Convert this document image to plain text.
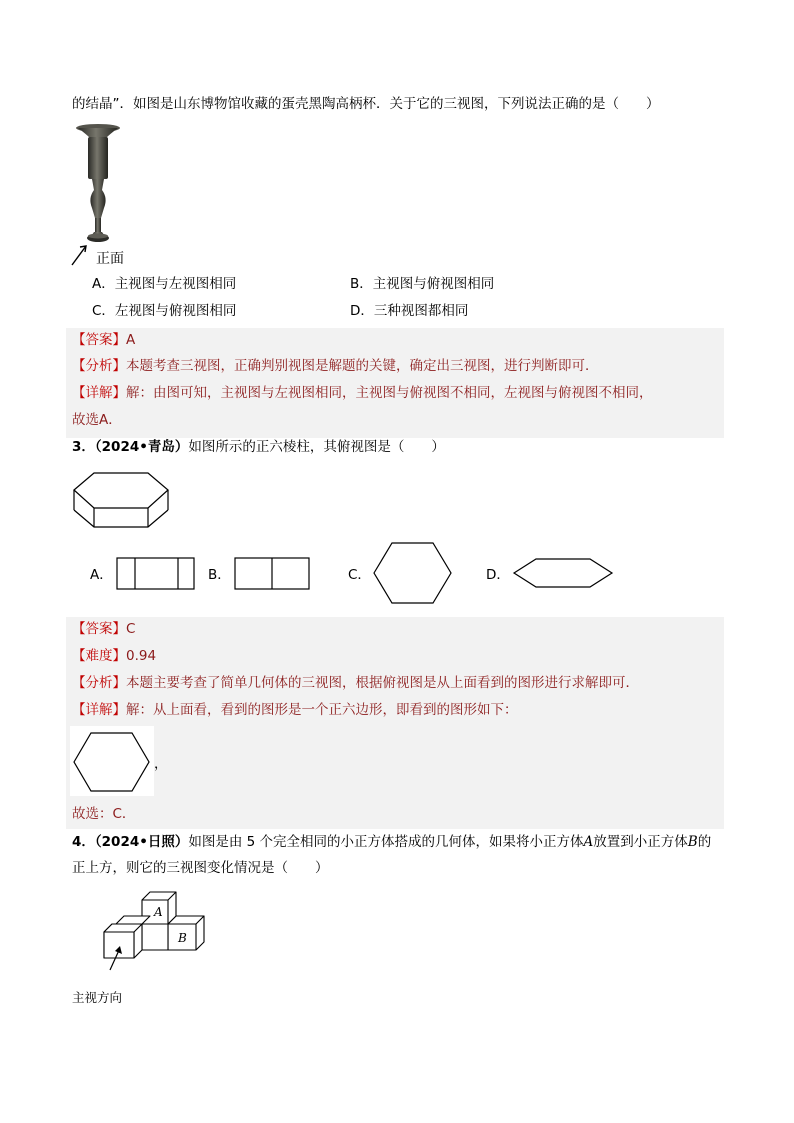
的结晶”．如图是山东博物馆收藏的蛋壳黑陶高柄杯．关于它的三视图，下列说法正确的是（　　）
正面
A．主视图与左视图相同	B．主视图与俯视图相同
C．左视图与俯视图相同	D．三种视图都相同
【答案】A
【分析】本题考查三视图，正确判别视图是解题的关键，确定出三视图，进行判断即可．
【详解】解：由图可知，主视图与左视图相同，主视图与俯视图不相同，左视图与俯视图不相同，
故选A．
3．（2024•青岛）如图所示的正六棱柱，其俯视图是（　　）
A．	B．	C．	D．
【答案】C
【难度】0.94
【分析】本题主要考查了简单几何体的三视图，根据俯视图是从上面看到的图形进行求解即可．
【详解】解：从上面看，看到的图形是一个正六边形，即看到的图形如下：
，
故选：C．
4．（2024•日照）如图是由 5 个完全相同的小正方体搭成的几何体，如果将小正方体A放置到小正方体B的
正上方，则它的三视图变化情况是（　　）
A
B
主视方向
